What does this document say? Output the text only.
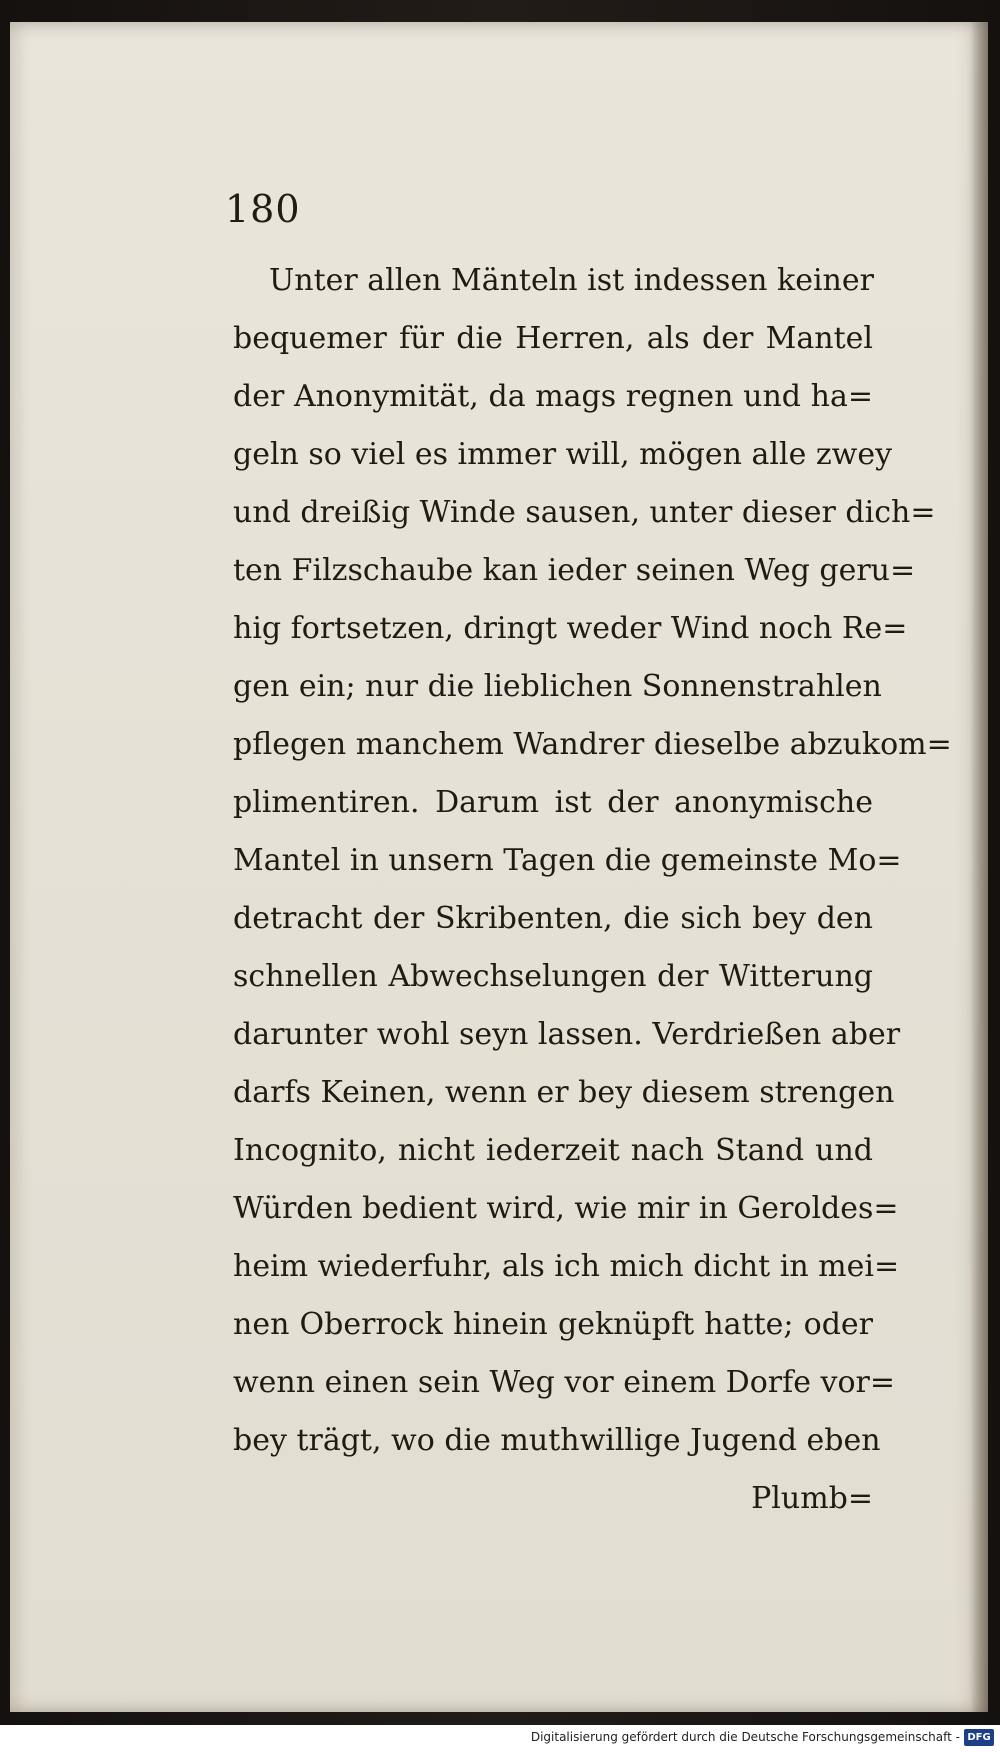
180
Unter allen Mänteln ist indessen keiner
bequemer für die Herren, als der Mantel
der Anonymität, da mags regnen und ha=
geln so viel es immer will, mögen alle zwey
und dreißig Winde sausen, unter dieser dich=
ten Filzschaube kan ieder seinen Weg geru=
hig fortsetzen, dringt weder Wind noch Re=
gen ein; nur die lieblichen Sonnenstrahlen
pflegen manchem Wandrer dieselbe abzukom=
plimentiren. Darum ist der anonymische
Mantel in unsern Tagen die gemeinste Mo=
detracht der Skribenten, die sich bey den
schnellen Abwechselungen der Witterung
darunter wohl seyn lassen. Verdrießen aber
darfs Keinen, wenn er bey diesem strengen
Incognito, nicht iederzeit nach Stand und
Würden bedient wird, wie mir in Geroldes=
heim wiederfuhr, als ich mich dicht in mei=
nen Oberrock hinein geknüpft hatte; oder
wenn einen sein Weg vor einem Dorfe vor=
bey trägt, wo die muthwillige Jugend eben
Plumb=
Digitalisierung gefördert durch die Deutsche Forschungsgemeinschaft - DFG
